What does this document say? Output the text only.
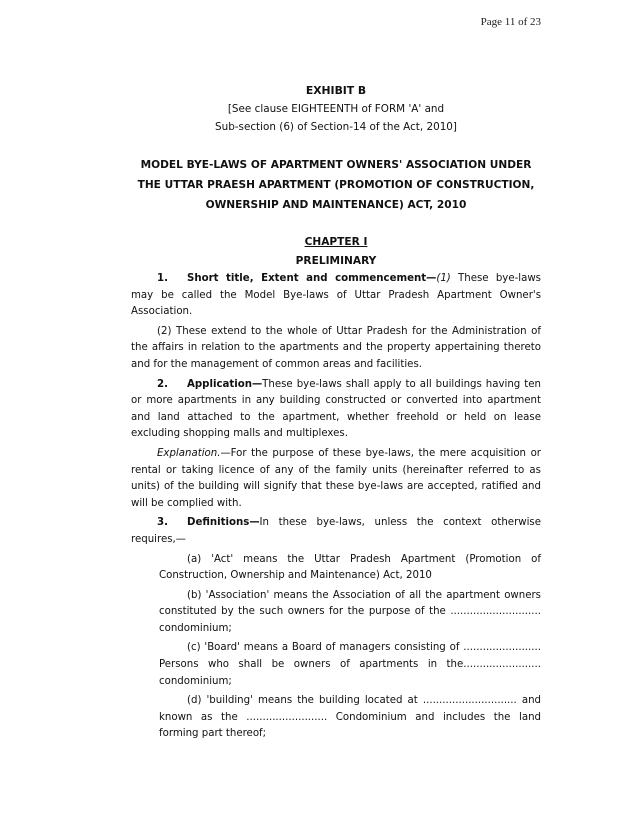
Page 11 of 23
EXHIBIT B
[See clause EIGHTEENTH of FORM 'A' and
Sub-section (6) of Section-14 of the Act, 2010]
MODEL BYE-LAWS OF APARTMENT OWNERS' ASSOCIATION UNDER
THE UTTAR PRAESH APARTMENT (PROMOTION OF CONSTRUCTION,
OWNERSHIP AND MAINTENANCE) ACT, 2010
CHAPTER I
PRELIMINARY

1. Short title, Extent and commencement—(1) These bye-laws may be called the Model Bye-laws of Uttar Pradesh Apartment Owner's Association.

(2) These extend to the whole of Uttar Pradesh for the Administration of the affairs in relation to the apartments and the property appertaining thereto and for the management of common areas and facilities.

2. Application—These bye-laws shall apply to all buildings having ten or more apartments in any building constructed or converted into apartment and land attached to the apartment, whether freehold or held on lease excluding shopping malls and multiplexes.

Explanation.—For the purpose of these bye-laws, the mere acquisition or rental or taking licence of any of the family units (hereinafter referred to as units) of the building will signify that these bye-laws are accepted, ratified and will be complied with.

3. Definitions—In these bye-laws, unless the context otherwise requires,—

(a) 'Act' means the Uttar Pradesh Apartment (Promotion of Construction, Ownership and Maintenance) Act, 2010

(b) 'Association' means the Association of all the apartment owners constituted by the such owners for the purpose of the ............................ condominium;

(c) 'Board' means a Board of managers consisting of ........................ Persons who shall be owners of apartments in the........................ condominium;

(d) 'building' means the building located at ............................. and known as the ......................... Condominium and includes the land forming part thereof;
